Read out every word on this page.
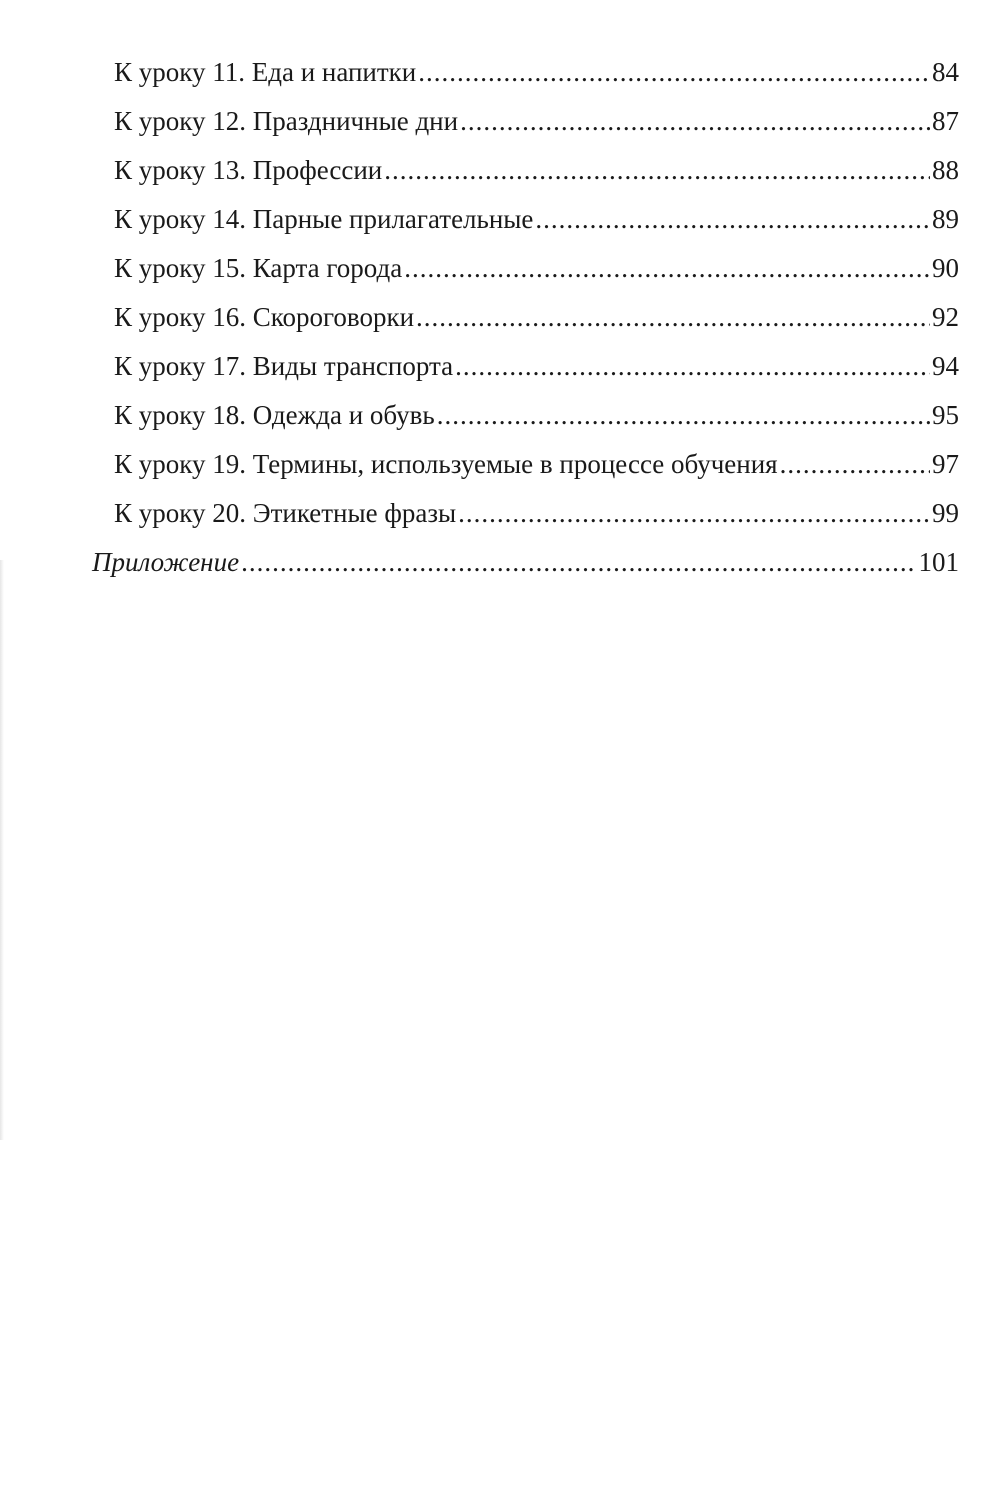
К уроку 11. Еда и напитки .....	84
К уроку 12. Праздничные дни .....	87
К уроку 13. Профессии .....	88
К уроку 14. Парные прилагательные .....	89
К уроку 15. Карта города .....	90
К уроку 16. Скороговорки .....	92
К уроку 17. Виды транспорта .....	94
К уроку 18. Одежда и обувь .....	95
К уроку 19. Термины, используемые в процессе обучения .....	97
К уроку 20. Этикетные фразы .....	99
Приложение .....	101
